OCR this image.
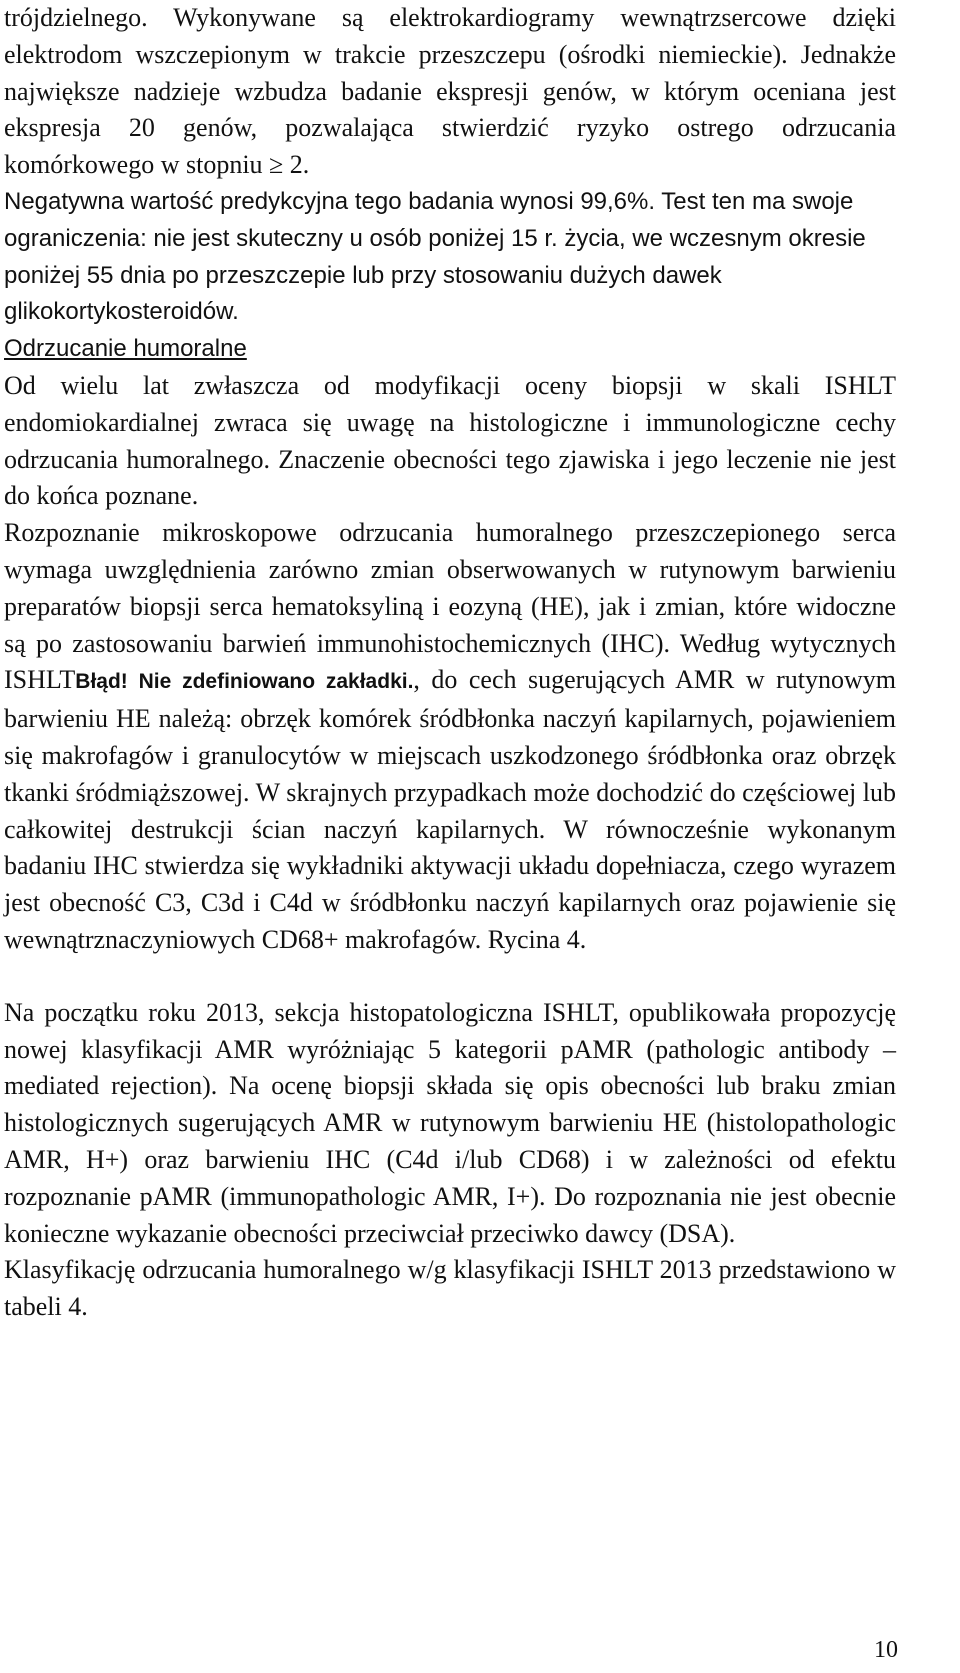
trójdzielnego. Wykonywane są elektrokardiogramy wewnątrzsercowe dzięki elektrodom wszczepionym w trakcie przeszczepu (ośrodki niemieckie). Jednakże największe nadzieje wzbudza badanie ekspresji genów, w którym oceniana jest ekspresja 20 genów, pozwalająca stwierdzić ryzyko ostrego odrzucania komórkowego w stopniu ≥ 2.

Negatywna wartość predykcyjna tego badania wynosi 99,6%. Test ten ma swoje ograniczenia: nie jest skuteczny u osób poniżej 15 r. życia, we wczesnym okresie poniżej 55 dnia po przeszczepie lub przy stosowaniu dużych dawek glikokortykosteroidów.

Odrzucanie humoralne

Od wielu lat zwłaszcza od modyfikacji oceny biopsji w skali ISHLT endomiokardialnej zwraca się uwagę na histologiczne i immunologiczne cechy odrzucania humoralnego. Znaczenie obecności tego zjawiska i jego leczenie nie jest do końca poznane.

Rozpoznanie mikroskopowe odrzucania humoralnego przeszczepionego serca wymaga uwzględnienia zarówno zmian obserwowanych w rutynowym barwieniu preparatów biopsji serca hematoksyliną i eozyną (HE), jak i zmian, które widoczne są po zastosowaniu barwień immunohistochemicznych (IHC). Według wytycznych ISHLTBłąd! Nie zdefiniowano zakładki., do cech sugerujących AMR w rutynowym barwieniu HE należą: obrzęk komórek śródbłonka naczyń kapilarnych, pojawieniem się makrofagów i granulocytów w miejscach uszkodzonego śródbłonka oraz obrzęk tkanki śródmiąższowej. W skrajnych przypadkach może dochodzić do częściowej lub całkowitej destrukcji ścian naczyń kapilarnych. W równocześnie wykonanym badaniu IHC stwierdza się wykładniki aktywacji układu dopełniacza, czego wyrazem jest obecność C3, C3d i C4d w śródbłonku naczyń kapilarnych oraz pojawienie się wewnątrznaczyniowych CD68+ makrofagów. Rycina 4.

Na początku roku 2013, sekcja histopatologiczna ISHLT, opublikowała propozycję nowej klasyfikacji AMR wyróżniając 5 kategorii pAMR (pathologic antibody –mediated rejection). Na ocenę biopsji składa się opis obecności lub braku zmian histologicznych sugerujących AMR w rutynowym barwieniu HE (histolopathologic AMR, H+) oraz barwieniu IHC (C4d i/lub CD68) i w zależności od efektu rozpoznanie pAMR (immunopathologic AMR, I+). Do rozpoznania nie jest obecnie konieczne wykazanie obecności przeciwciał przeciwko dawcy (DSA).

Klasyfikację odrzucania humoralnego w/g klasyfikacji ISHLT 2013 przedstawiono w tabeli 4.

10
